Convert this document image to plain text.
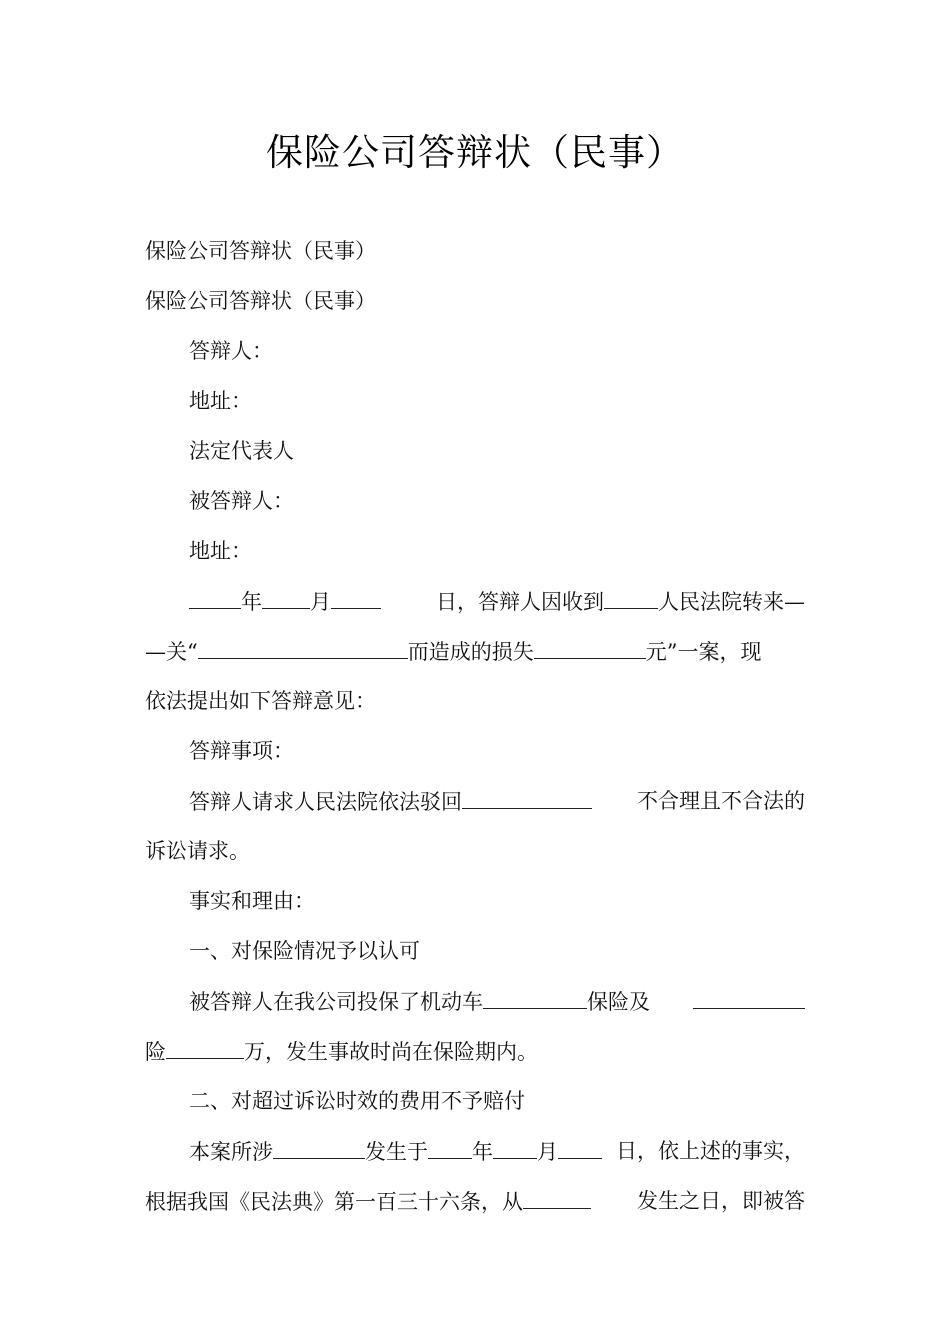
保险公司答辩状（民事）
保险公司答辩状（民事）
保险公司答辩状（民事）
答辩人：
地址：
法定代表人
被答辩人：
地址：
年 月	日，答辩人因收到	人民法院转来—
—关“	而造成的损失	元”一案，现
依法提出如下答辩意见：
答辩事项：
答辩人请求人民法院依法驳回	不合理且不合法的
诉讼请求。
事实和理由：
一、对保险情况予以认可
被答辩人在我公司投保了机动车	保险及
险	万，发生事故时尚在保险期内。
二、对超过诉讼时效的费用不予赔付
本案所涉	发生于 年 月	日，依上述的事实，
根据我国《民法典》第一百三十六条，从	发生之日，即被答
